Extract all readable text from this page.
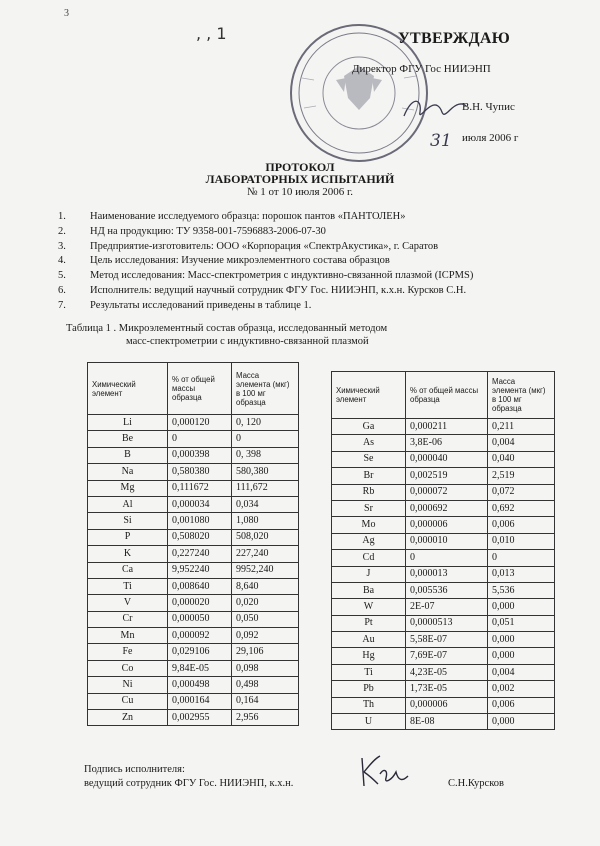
3
, , 1	УТВЕРЖДАЮ
Директор ФГУ Гос НИИЭНП
В.Н. Чупис
31 июля 2006 г
ПРОТОКОЛ
ЛАБОРАТОРНЫХ ИСПЫТАНИЙ
№ 1 от 10 июля 2006 г.
1.	Наименование исследуемого образца: порошок пантов «ПАНТОЛЕН»
2.	НД на продукцию: ТУ 9358-001-7596883-2006-07-30
3.	Предприятие-изготовитель: ООО «Корпорация «СпектрАкустика», г. Саратов
4.	Цель исследования: Изучение микроэлементного состава образцов
5.	Метод исследования: Масс-спектрометрия с индуктивно-связанной плазмой (ICPMS)
6.	Исполнитель: ведущий научный сотрудник ФГУ Гос. НИИЭНП, к.х.н. Курсков С.Н.
7.	Результаты исследований приведены в таблице 1.
Таблица 1 . Микроэлементный состав образца, исследованный методом
масс-спектрометрии с индуктивно-связанной плазмой
Химический элемент	% от общей массы образца	Масса элемента (мкг) в 100 мг образца
Li	0,000120	0, 120
Be	0	0
B	0,000398	0, 398
Na	0,580380	580,380
Mg	0,111672	111,672
Al	0,000034	0,034
Si	0,001080	1,080
P	0,508020	508,020
K	0,227240	227,240
Ca	9,952240	9952,240
Ti	0,008640	8,640
V	0,000020	0,020
Cr	0,000050	0,050
Mn	0,000092	0,092
Fe	0,029106	29,106
Co	9,84E-05	0,098
Ni	0,000498	0,498
Cu	0,000164	0,164
Zn	0,002955	2,956
Химический элемент	% от общей массы образца	Масса элемента (мкг) в 100 мг образца
Ga	0,000211	0,211
As	3,8E-06	0,004
Se	0,000040	0,040
Br	0,002519	2,519
Rb	0,000072	0,072
Sr	0,000692	0,692
Mo	0,000006	0,006
Ag	0,000010	0,010
Cd	0	0
J	0,000013	0,013
Ba	0,005536	5,536
W	2E-07	0,000
Pt	0,0000513	0,051
Au	5,58E-07	0,000
Hg	7,69E-07	0,000
Ti	4,23E-05	0,004
Pb	1,73E-05	0,002
Th	0,000006	0,006
U	8E-08	0,000
Подпись исполнителя:
ведущий сотрудник ФГУ Гос. НИИЭНП, к.х.н.	С.Н.Курсков
